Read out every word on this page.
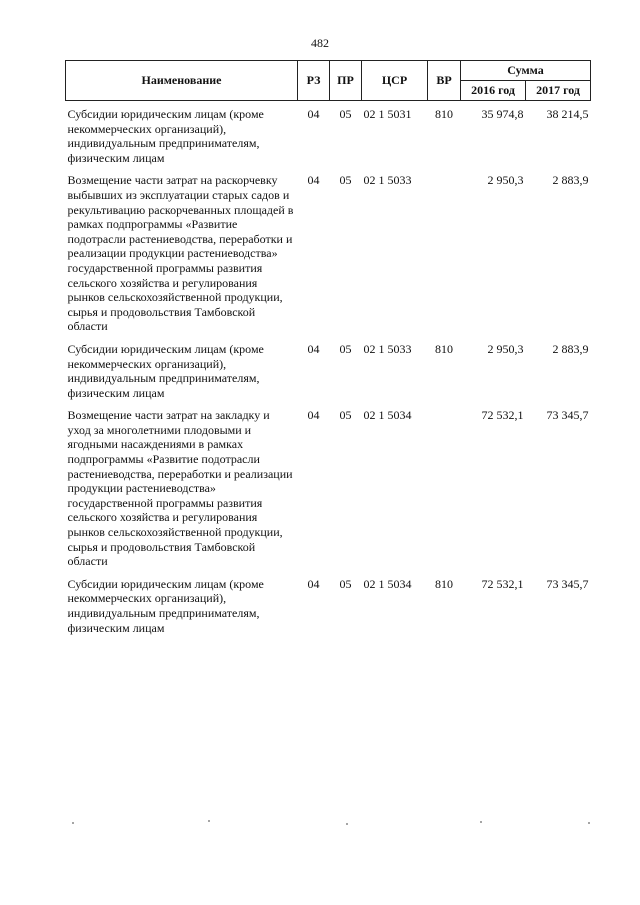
482
Наименование	РЗ	ПР	ЦСР	ВР	Сумма	
					2016 год	2017 год
Субсидии юридическим лицам (кроме некоммерческих организаций), индивидуальным предпринимателям, физическим лицам	04	05	02 1 5031	810	35 974,8	38 214,5
Возмещение части затрат на раскорчевку выбывших из эксплуатации старых садов и рекультивацию раскорчеванных площадей в рамках подпрограммы «Развитие подотрасли растениеводства, переработки и реализации продукции растениеводства» государственной программы развития сельского хозяйства и регулирования рынков сельскохозяйственной продукции, сырья и продовольствия Тамбовской области	04	05	02 1 5033		2 950,3	2 883,9
Субсидии юридическим лицам (кроме некоммерческих организаций), индивидуальным предпринимателям, физическим лицам	04	05	02 1 5033	810	2 950,3	2 883,9
Возмещение части затрат на закладку и уход за многолетними плодовыми и ягодными насаждениями в рамках подпрограммы «Развитие подотрасли растениеводства, переработки и реализации продукции растениеводства» государственной программы развития сельского хозяйства и регулирования рынков сельскохозяйственной продукции, сырья и продовольствия Тамбовской области	04	05	02 1 5034		72 532,1	73 345,7
Субсидии юридическим лицам (кроме некоммерческих организаций), индивидуальным предпринимателям, физическим лицам	04	05	02 1 5034	810	72 532,1	73 345,7
